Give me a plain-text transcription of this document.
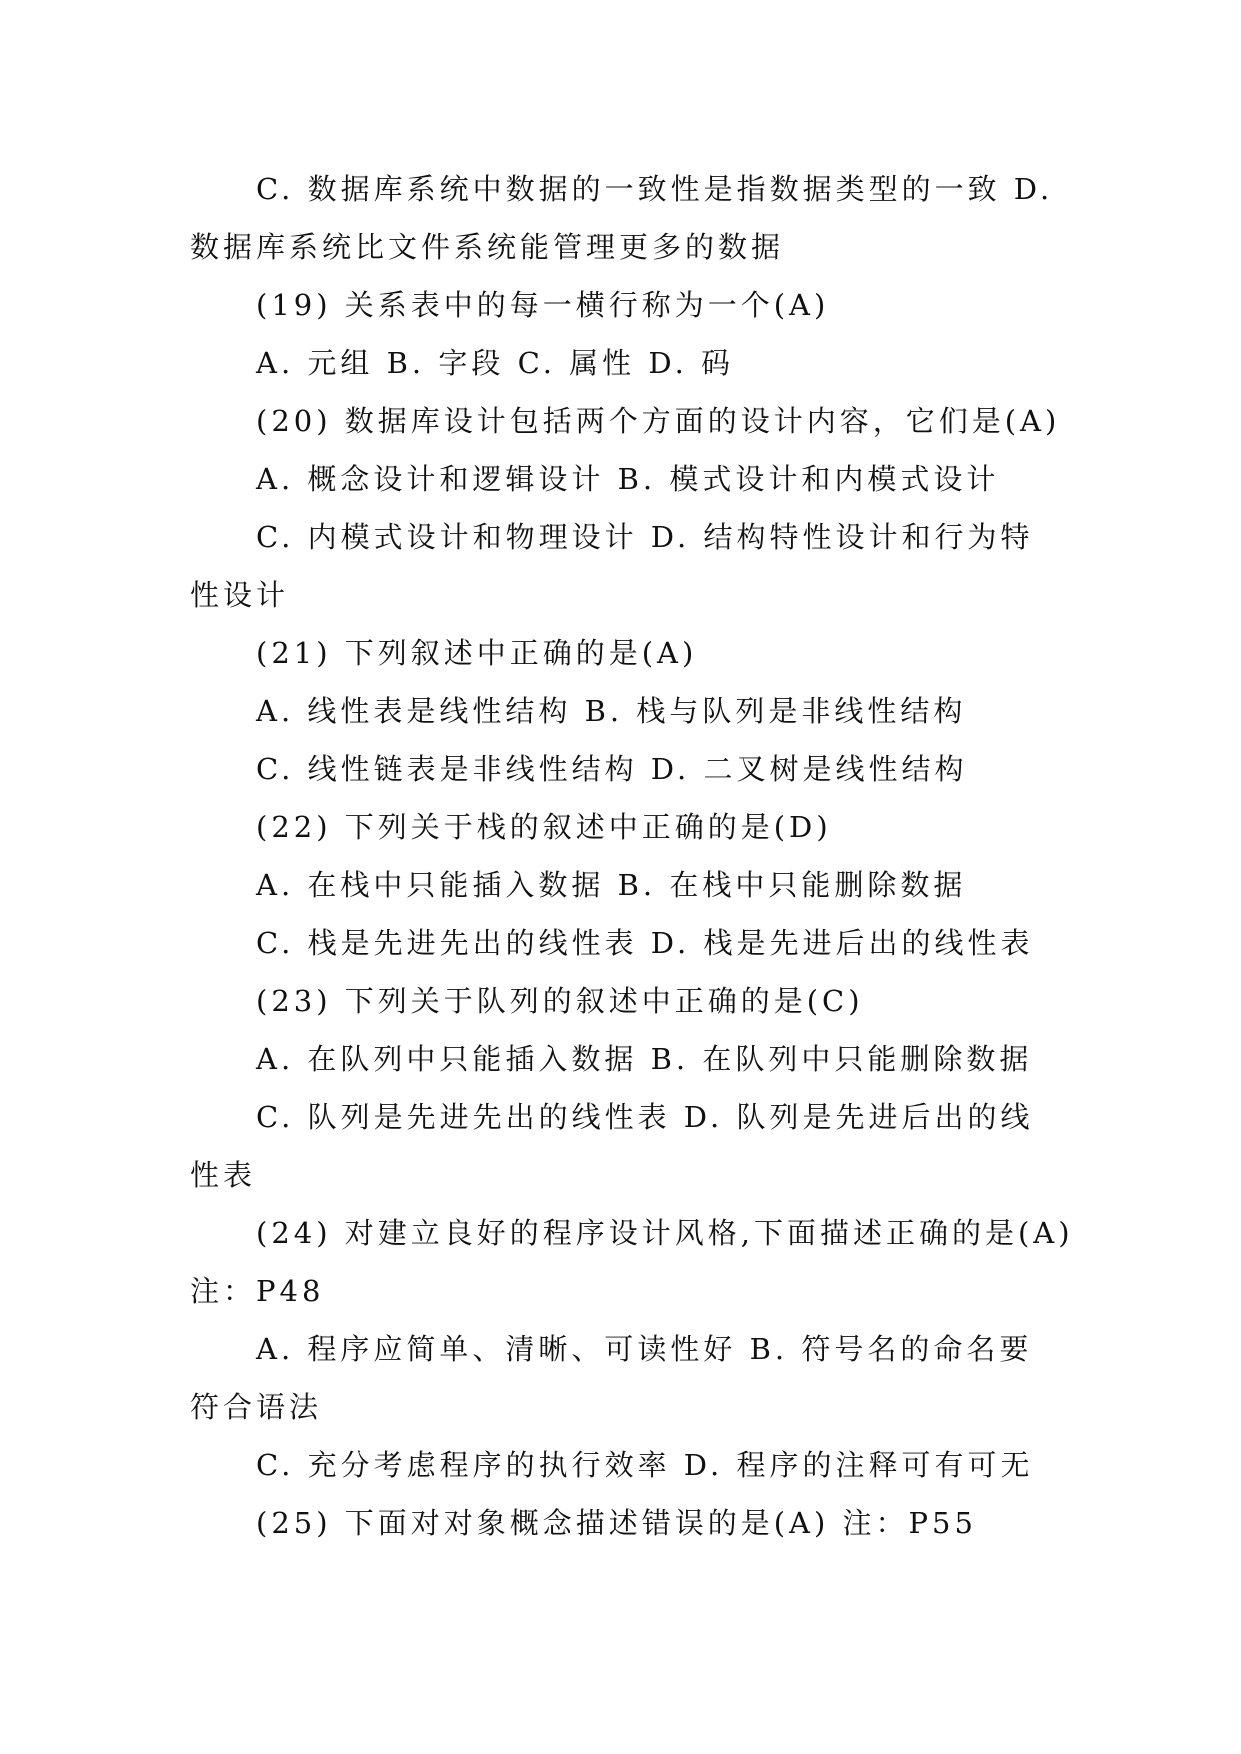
C. 数据库系统中数据的一致性是指数据类型的一致 D.
数据库系统比文件系统能管理更多的数据
(19) 关系表中的每一横行称为一个(A)
A. 元组 B. 字段 C. 属性 D. 码
(20) 数据库设计包括两个方面的设计内容，它们是(A)
A. 概念设计和逻辑设计 B. 模式设计和内模式设计
C. 内模式设计和物理设计 D. 结构特性设计和行为特
性设计
(21) 下列叙述中正确的是(A)
A. 线性表是线性结构 B. 栈与队列是非线性结构
C. 线性链表是非线性结构 D. 二叉树是线性结构
(22) 下列关于栈的叙述中正确的是(D)
A. 在栈中只能插入数据 B. 在栈中只能删除数据
C. 栈是先进先出的线性表 D. 栈是先进后出的线性表
(23) 下列关于队列的叙述中正确的是(C)
A. 在队列中只能插入数据 B. 在队列中只能删除数据
C. 队列是先进先出的线性表 D. 队列是先进后出的线
性表
(24) 对建立良好的程序设计风格,下面描述正确的是(A)
注：P48
A. 程序应简单、清晰、可读性好 B. 符号名的命名要
符合语法
C. 充分考虑程序的执行效率 D. 程序的注释可有可无
(25) 下面对对象概念描述错误的是(A) 注：P55
